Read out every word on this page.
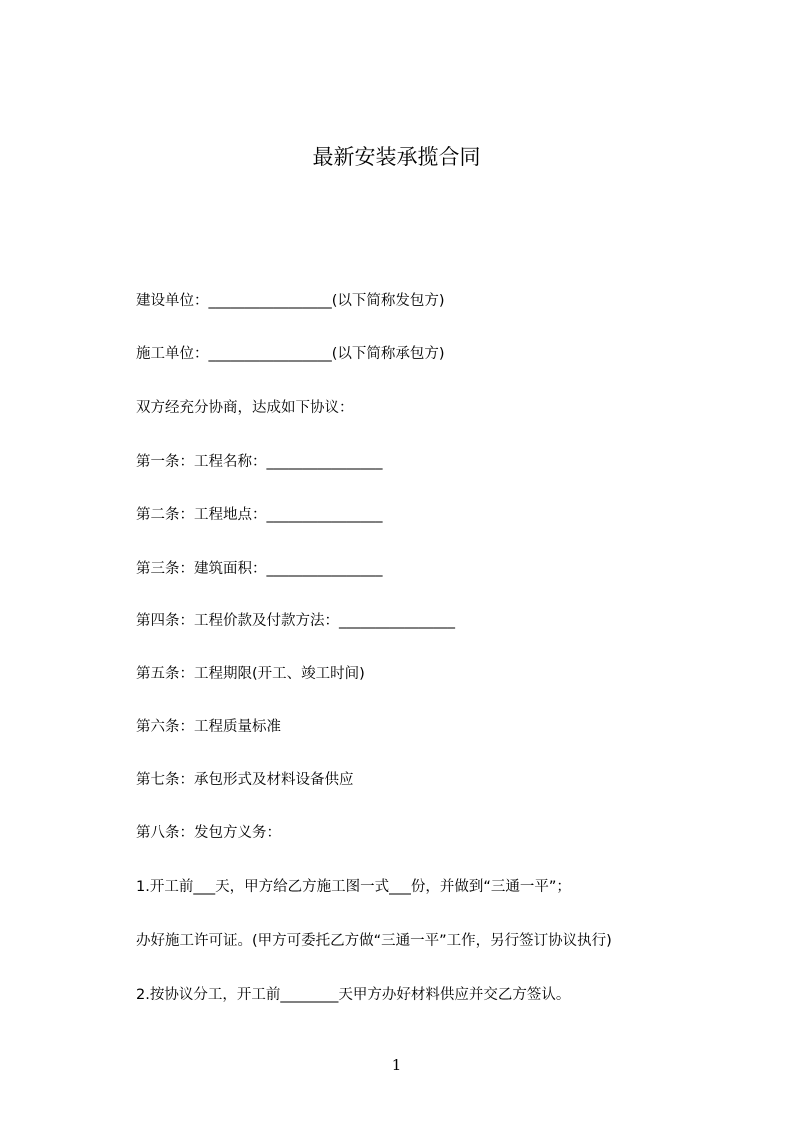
最新安装承揽合同
建设单位：_________________(以下简称发包方)
施工单位：_________________(以下简称承包方)
双方经充分协商，达成如下协议：
第一条：工程名称：________________
第二条：工程地点：________________
第三条：建筑面积：________________
第四条：工程价款及付款方法：________________
第五条：工程期限(开工、竣工时间)
第六条：工程质量标准
第七条：承包形式及材料设备供应
第八条：发包方义务：
1.开工前___天，甲方给乙方施工图一式___份，并做到“三通一平”；
办好施工许可证。(甲方可委托乙方做“三通一平”工作，另行签订协议执行)
2.按协议分工，开工前________天甲方办好材料供应并交乙方签认。
1
